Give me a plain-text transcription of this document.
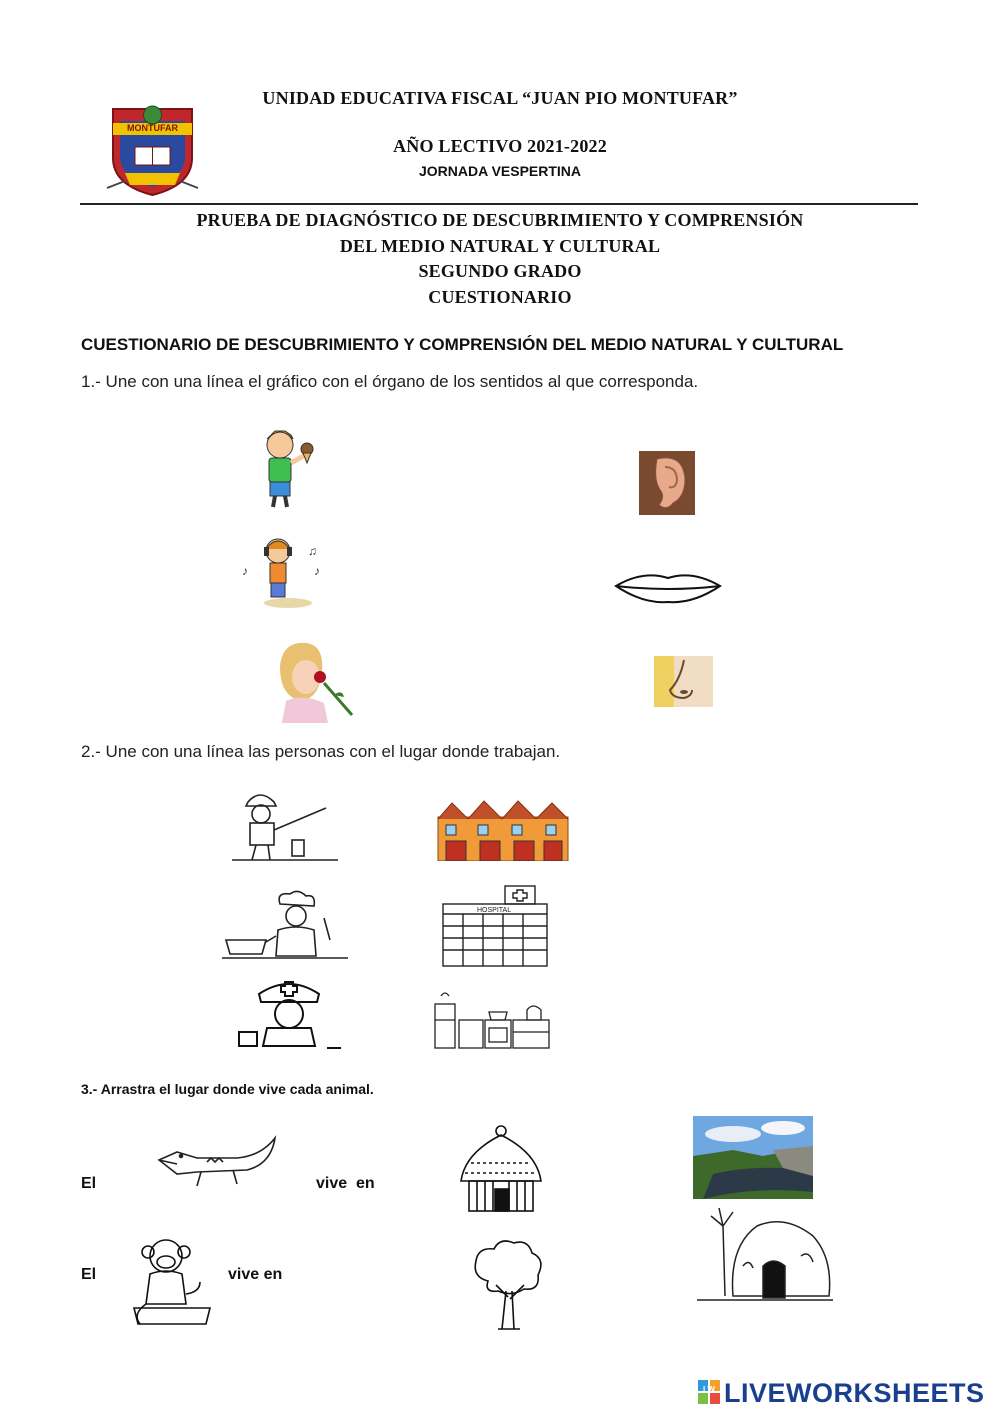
MONTUFAR
UNIDAD EDUCATIVA FISCAL “JUAN PIO MONTUFAR”
AÑO LECTIVO 2021-2022
JORNADA VESPERTINA
PRUEBA DE DIAGNÓSTICO DE DESCUBRIMIENTO Y COMPRENSIÓN
DEL MEDIO NATURAL Y CULTURAL
SEGUNDO GRADO
CUESTIONARIO
CUESTIONARIO DE DESCUBRIMIENTO Y COMPRENSIÓN DEL MEDIO NATURAL Y CULTURAL
1.- Une con una línea el gráfico con el órgano de los sentidos al que corresponda.
♪
♫
♪
2.- Une con una línea las personas con el lugar donde trabajan.
HOSPITAL
3.- Arrastra el lugar donde vive cada animal.
El	vive  en
El	vive en
LW LIVEWORKSHEETS
